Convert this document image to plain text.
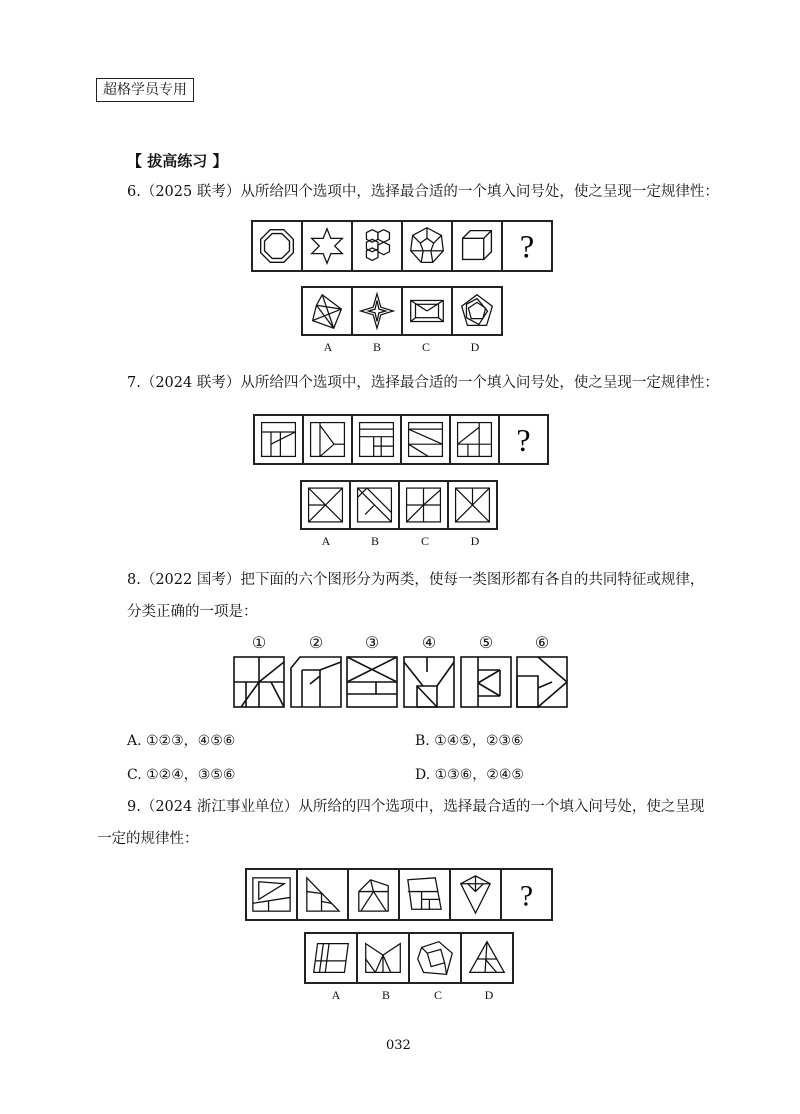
超格学员专用
【 拔高练习 】
6.（2025 联考）从所给四个选项中，选择最合适的一个填入问号处，使之呈现一定规律性：
?
A	B	C	D
7.（2024 联考）从所给四个选项中，选择最合适的一个填入问号处，使之呈现一定规律性：
?
A	B	C	D
8.（2022 国考）把下面的六个图形分为两类，使每一类图形都有各自的共同特征或规律，
分类正确的一项是：
①	②	③	④	⑤	⑥
A. ①②③，④⑤⑥	B. ①④⑤，②③⑥
C. ①②④，③⑤⑥	D. ①③⑥，②④⑤
9.（2024 浙江事业单位）从所给的四个选项中，选择最合适的一个填入问号处，使之呈现
一定的规律性：
?
A	B	C	D
032
